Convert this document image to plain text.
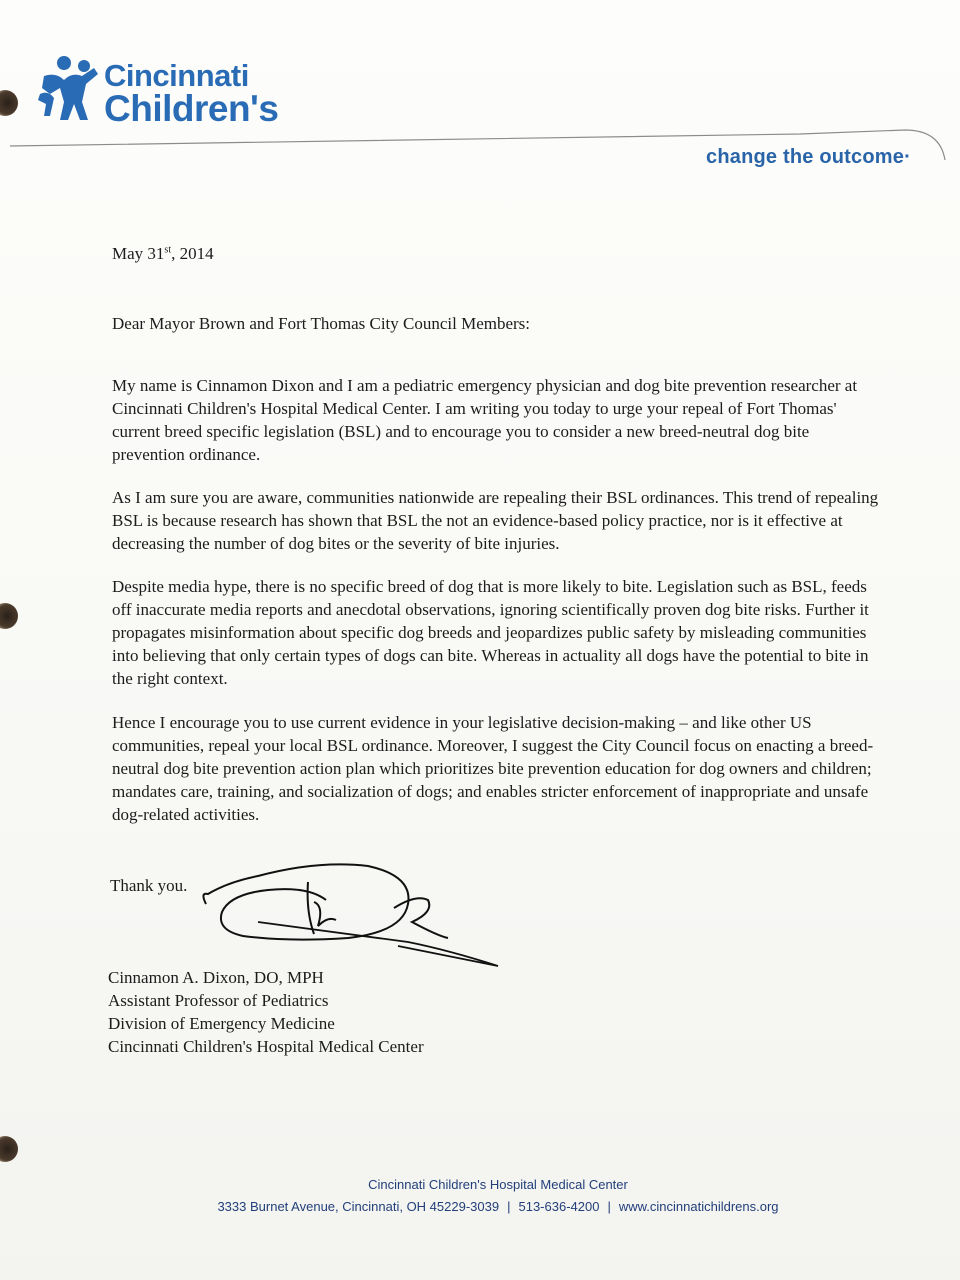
Cincinnati
Children's
change the outcome·
May 31st, 2014
Dear Mayor Brown and Fort Thomas City Council Members:

My name is Cinnamon Dixon and I am a pediatric emergency physician and dog bite prevention researcher at Cincinnati Children's Hospital Medical Center. I am writing you today to urge your repeal of Fort Thomas' current breed specific legislation (BSL) and to encourage you to consider a new breed-neutral dog bite prevention ordinance.

As I am sure you are aware, communities nationwide are repealing their BSL ordinances. This trend of repealing BSL is because research has shown that BSL the not an evidence-based policy practice, nor is it effective at decreasing the number of dog bites or the severity of bite injuries.

Despite media hype, there is no specific breed of dog that is more likely to bite. Legislation such as BSL, feeds off inaccurate media reports and anecdotal observations, ignoring scientifically proven dog bite risks. Further it propagates misinformation about specific dog breeds and jeopardizes public safety by misleading communities into believing that only certain types of dogs can bite. Whereas in actuality all dogs have the potential to bite in the right context.

Hence I encourage you to use current evidence in your legislative decision-making – and like other US communities, repeal your local BSL ordinance. Moreover, I suggest the City Council focus on enacting a breed-neutral dog bite prevention action plan which prioritizes bite prevention education for dog owners and children; mandates care, training, and socialization of dogs; and enables stricter enforcement of inappropriate and unsafe dog-related activities.

Thank you.
Cinnamon A. Dixon, DO, MPH
Assistant Professor of Pediatrics
Division of Emergency Medicine
Cincinnati Children's Hospital Medical Center
Cincinnati Children's Hospital Medical Center
3333 Burnet Avenue, Cincinnati, OH 45229-3039 | 513-636-4200 | www.cincinnatichildrens.org
